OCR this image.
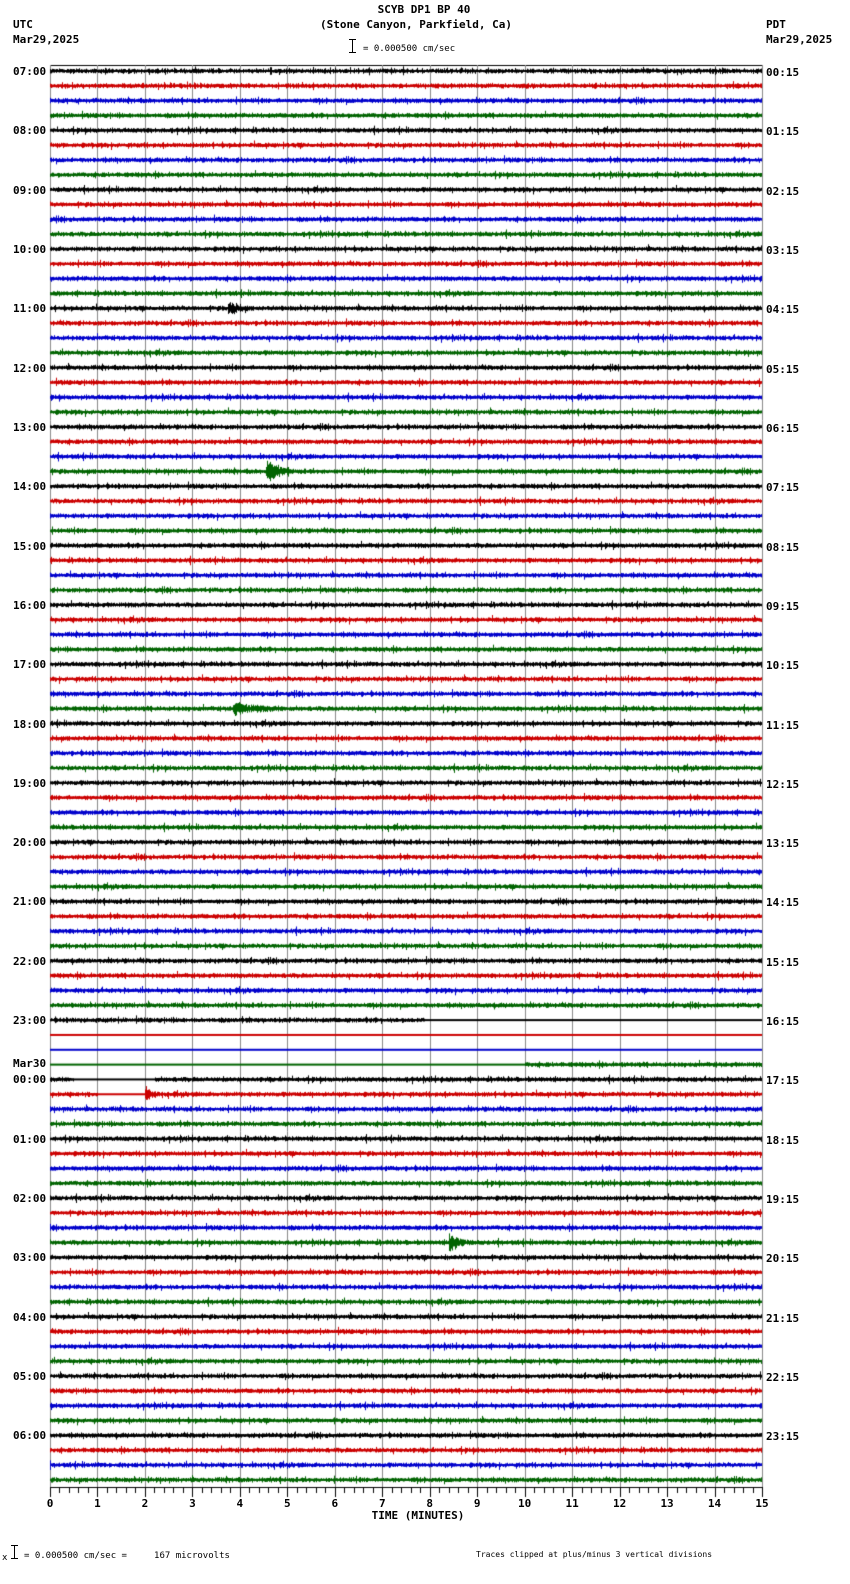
SCYB DP1 BP 40
(Stone Canyon, Parkfield, Ca)
UTC
Mar29,2025
PDT
Mar29,2025
= 0.000500 cm/sec
07:00
08:00
09:00
10:00
11:00
12:00
13:00
14:00
15:00
16:00
17:00
18:00
19:00
20:00
21:00
22:00
23:00
Mar30
00:00
01:00
02:00
03:00
04:00
05:00
06:00
00:15
01:15
02:15
03:15
04:15
05:15
06:15
07:15
08:15
09:15
10:15
11:15
12:15
13:15
14:15
15:15
16:15
17:15
18:15
19:15
20:15
21:15
22:15
23:15
0	1	2	3	4	5	6	7	8	9	10	11	12	13	14	15
TIME (MINUTES)
x = 0.000500 cm/sec =     167 microvolts	Traces clipped at plus/minus 3 vertical divisions
